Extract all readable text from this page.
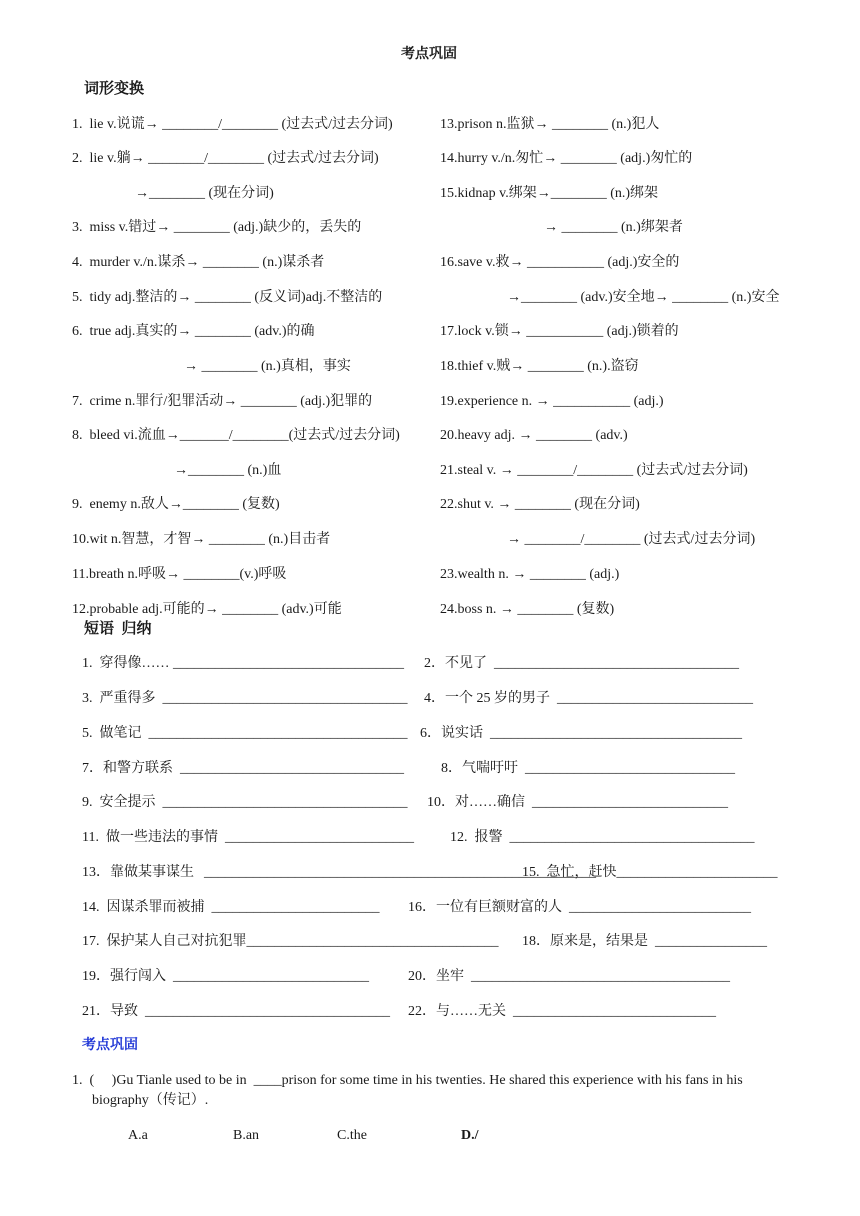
考点巩固
词形变换
1.  lie v.说谎→ ________/________ (过去式/过去分词)
2.  lie v.躺→ ________/________ (过去式/过去分词)
→________ (现在分词)
3.  miss v.错过→ ________ (adj.)缺少的，丢失的
4.  murder v./n.谋杀→ ________ (n.)谋杀者
5.  tidy adj.整洁的→ ________ (反义词)adj.不整洁的
6.  true adj.真实的→ ________ (adv.)的确
→ ________ (n.)真相，事实
7.  crime n.罪行/犯罪活动→ ________ (adj.)犯罪的
8.  bleed vi.流血→_______/________(过去式/过去分词)
→________ (n.)血
9.  enemy n.敌人→________ (复数)
10.wit n.智慧，才智→ ________ (n.)目击者
11.breath n.呼吸→ ________(v.)呼吸
12.probable adj.可能的→ ________ (adv.)可能
13.prison n.监狱→ ________ (n.)犯人
14.hurry v./n.匆忙→ ________ (adj.)匆忙的
15.kidnap v.绑架→________ (n.)绑架
→ ________ (n.)绑架者
16.save v.救→ ___________ (adj.)安全的
→________ (adv.)安全地→ ________ (n.)安全
17.lock v.锁→ ___________ (adj.)锁着的
18.thief v.贼→ ________ (n.).盗窃
19.experience n. → ___________ (adj.)
20.heavy adj. → ________ (adv.)
21.steal v. → ________/________ (过去式/过去分词)
22.shut v. → ________ (现在分词)
→ ________/________ (过去式/过去分词)
23.wealth n. → ________ (adj.)
24.boss n. → ________ (复数)
短语  归纳
1.  穿得像…… _________________________________
3.  严重得多  ___________________________________
5.  做笔记  _____________________________________
7．和警方联系  ________________________________
9.  安全提示  ___________________________________
11.  做一些违法的事情  ___________________________
13．靠做某事谋生 ________________________________________________________
14.  因谋杀罪而被捕  ________________________
17.  保护某人自己对抗犯罪____________________________________
19．强行闯入  ____________________________
21．导致  ___________________________________
2．不见了  ___________________________________
4．一个 25 岁的男子  ____________________________
6．说实话  ____________________________________
8．气喘吁吁  ______________________________
10．对……确信  ____________________________
12.  报警  ___________________________________
15.  急忙，赶快_______________________
16．一位有巨额财富的人  __________________________
18．原来是，结果是  ________________
20．坐牢  _____________________________________
22．与……无关  _____________________________
考点巩固
1.  (     )Gu Tianle used to be in  ____prison for some time in his twenties. He shared this experience with his fans in his
biography（传记）.
A.a	B.an	C.the	D./
